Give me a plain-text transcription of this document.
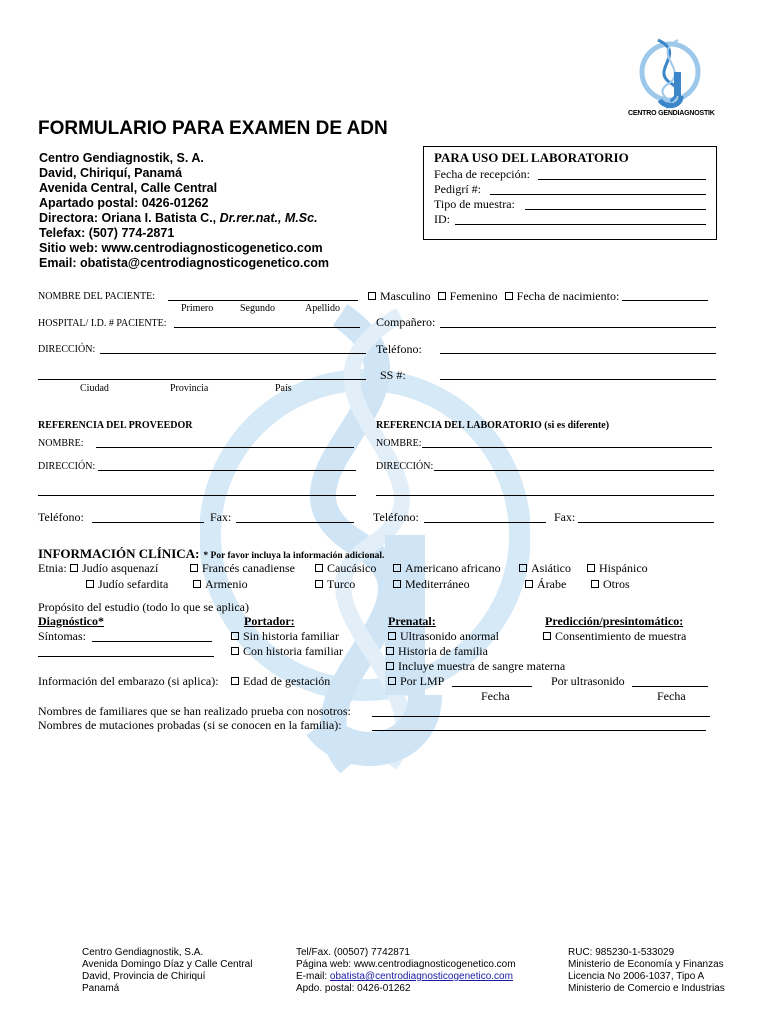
CENTRO GENDIAGNOSTIK
FORMULARIO PARA EXAMEN DE ADN
Centro Gendiagnostik, S. A.
David, Chiriquí, Panamá
Avenida Central, Calle Central
Apartado postal: 0426-01262
Directora: Oriana I. Batista C., Dr.rer.nat., M.Sc.
Telefax: (507) 774-2871
Sitio web: www.centrodiagnosticogenetico.com
Email: obatista@centrodiagnosticogenetico.com
PARA USO DEL LABORATORIO
Fecha de recepción:
Pedigrí #:
Tipo de muestra:
ID:
NOMBRE DEL PACIENTE:
Primero	Segundo	Apellido
Masculino Femenino Fecha de nacimiento:
HOSPITAL/ I.D. # PACIENTE:	Compañero:
DIRECCIÓN:	Teléfono:
SS #:
Ciudad	Provincia	País
REFERENCIA DEL PROVEEDOR
NOMBRE:
DIRECCIÓN:
Teléfono:	Fax:
REFERENCIA DEL LABORATORIO (si es diferente)
NOMBRE:
DIRECCIÓN:
Teléfono:	Fax:
INFORMACIÓN CLÍNICA: * Por favor incluya la información adicional.
Etnia:	Judío asquenazí	Francés canadiense	Caucásico	Americano africano	Asiático	Hispánico
Judío sefardita	Armenio	Turco	Mediterráneo	Árabe	Otros
Propósito del estudio (todo lo que se aplica)
Diagnóstico*
Síntomas:
Portador:
Sin historia familiar
Con historia familiar
Prenatal:
Ultrasonido anormal
Historia de familia
Incluye muestra de sangre materna
Por LMP	Por ultrasonido
Fecha	Fecha
Predicción/presintomático:
Consentimiento de muestra
Información del embarazo (si aplica):	Edad de gestación
Nombres de familiares que se han realizado prueba con nosotros:
Nombres de mutaciones probadas (si se conocen en la familia):
Centro Gendiagnostik, S.A.
Avenida Domingo Díaz y Calle Central
David, Provincia de Chiriquí
Panamá
Tel/Fax. (00507) 7742871
Página web: www.centrodiagnosticogenetico.com
E-mail: obatista@centrodiagnosticogenetico.com
Apdo. postal: 0426-01262
RUC: 985230-1-533029
Ministerio de Economía y Finanzas
Licencia No 2006-1037, Tipo A
Ministerio de Comercio e Industrias
